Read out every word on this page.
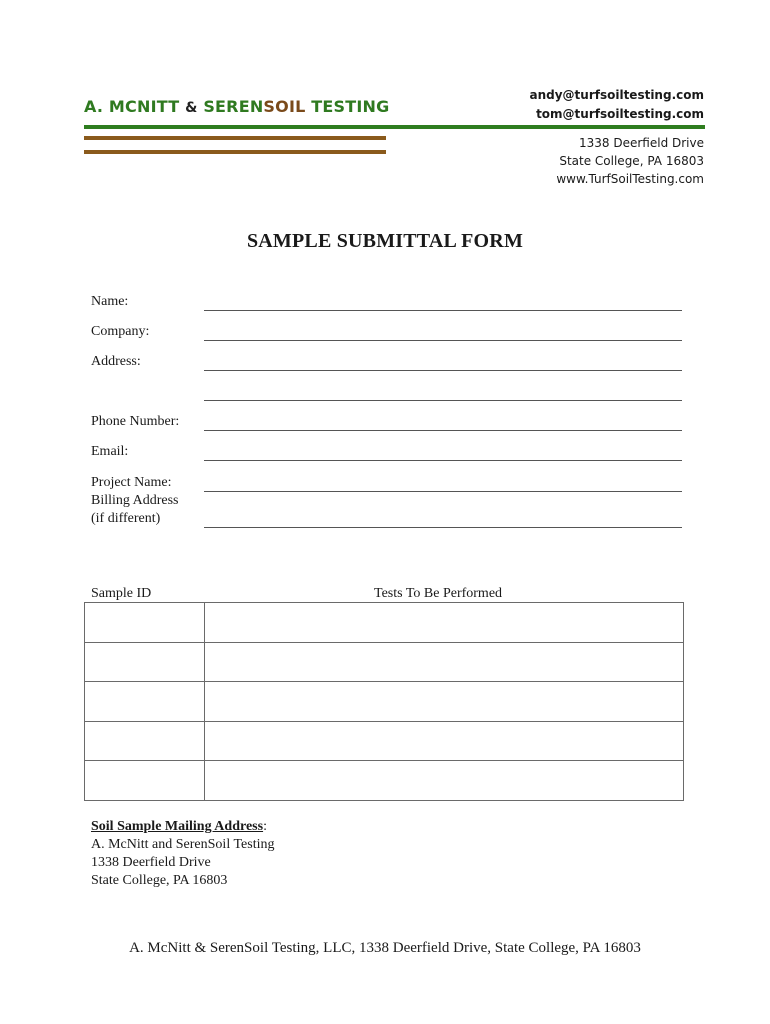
A. MCNITT & SERENSOIL TESTING
andy@turfsoiltesting.com
tom@turfsoiltesting.com
1338 Deerfield Drive
State College, PA 16803
www.TurfSoilTesting.com
SAMPLE SUBMITTAL FORM
Name:
Company:
Address:
Phone Number:
Email:
Project Name:
Billing Address
(if different)
Sample ID	Tests To Be Performed

Soil Sample Mailing Address:
A. McNitt and SerenSoil Testing
1338 Deerfield Drive
State College, PA 16803
A. McNitt & SerenSoil Testing, LLC, 1338 Deerfield Drive, State College, PA 16803
